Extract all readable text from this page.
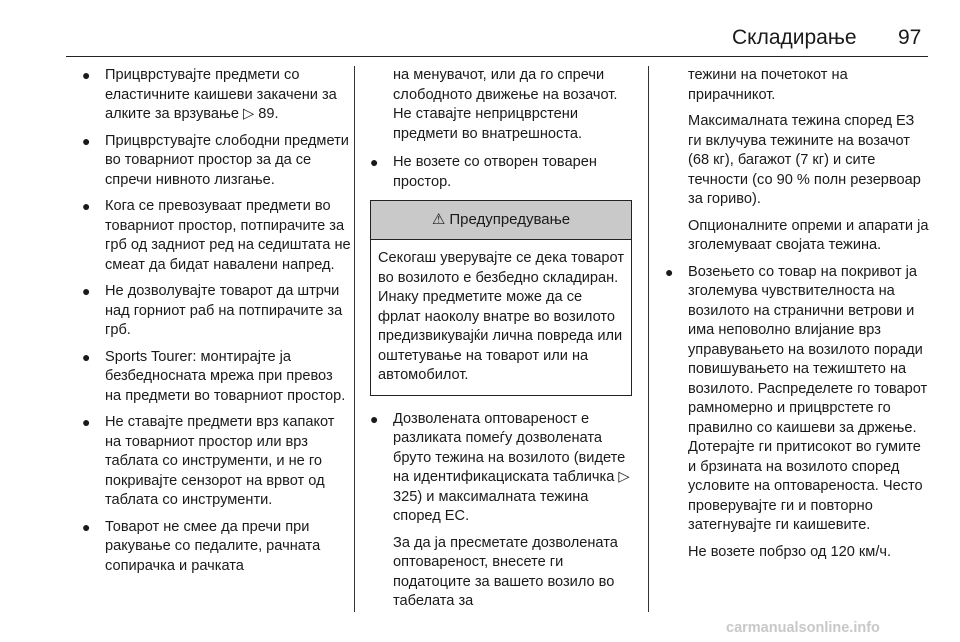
Складирање 97
● Прицврстувајте предмети со еластичните каишеви закачени за алките за врзување ▷ 89.
● Прицврстувајте слободни предмети во товарниот простор за да се спречи нивното лизгање.
● Кога се превозуваат предмети во товарниот простор, потпирачите за грб од задниот ред на седиштата не смеат да бидат навалени напред.
● Не дозволувајте товарот да штрчи над горниот раб на потпирачите за грб.
● Sports Tourer: монтирајте ја безбедносната мрежа при превоз на предмети во товарниот простор.
● Не ставајте предмети врз капакот на товарниот простор или врз таблата со инструменти, и не го покривајте сензорот на врвот од таблата со инструменти.
● Товарот не смее да пречи при ракување со педалите, рачната сопирачка и рачката
на менувачот, или да го спречи слободното движење на возачот. Не ставајте неприцврстени предмети во внатрешноста.
● Не возете со отворен товарен простор.
⚠ Предупредување
Секогаш уверувајте се дека товарот во возилото е безбедно складиран. Инаку предметите може да се фрлат наоколу внатре во возилото предизвикувајќи лична повреда или оштетување на товарот или на автомобилот.
● Дозволената оптовареност е разликата помеѓу дозволената бруто тежина на возилото (видете на идентификациската табличка ▷ 325) и максималната тежина според ЕС.
За да ја пресметате дозволената оптовареност, внесете ги податоците за вашето возило во табелата за
тежини на почетокот на прирачникот.
Максималната тежина според ЕЗ ги вклучува тежините на возачот (68 кг), багажот (7 кг) и сите течности (со 90 % полн резервоар за гориво).
Опционалните опреми и апарати ја зголемуваат својата тежина.
● Возењето со товар на покривот ја зголемува чувствителноста на возилото на странични ветрови и има неповолно влијание врз управувањето на возилото поради повишувањето на тежиштето на возилото. Распределете го товарот рамномерно и прицврстете го правилно со каишеви за држење. Дотерајте ги притисокот во гумите и брзината на возилото според условите на оптовареноста. Често проверувајте ги и повторно затегнувајте ги каишевите.
Не возете побрзо од 120 км/ч.
carmanualsonline.info
